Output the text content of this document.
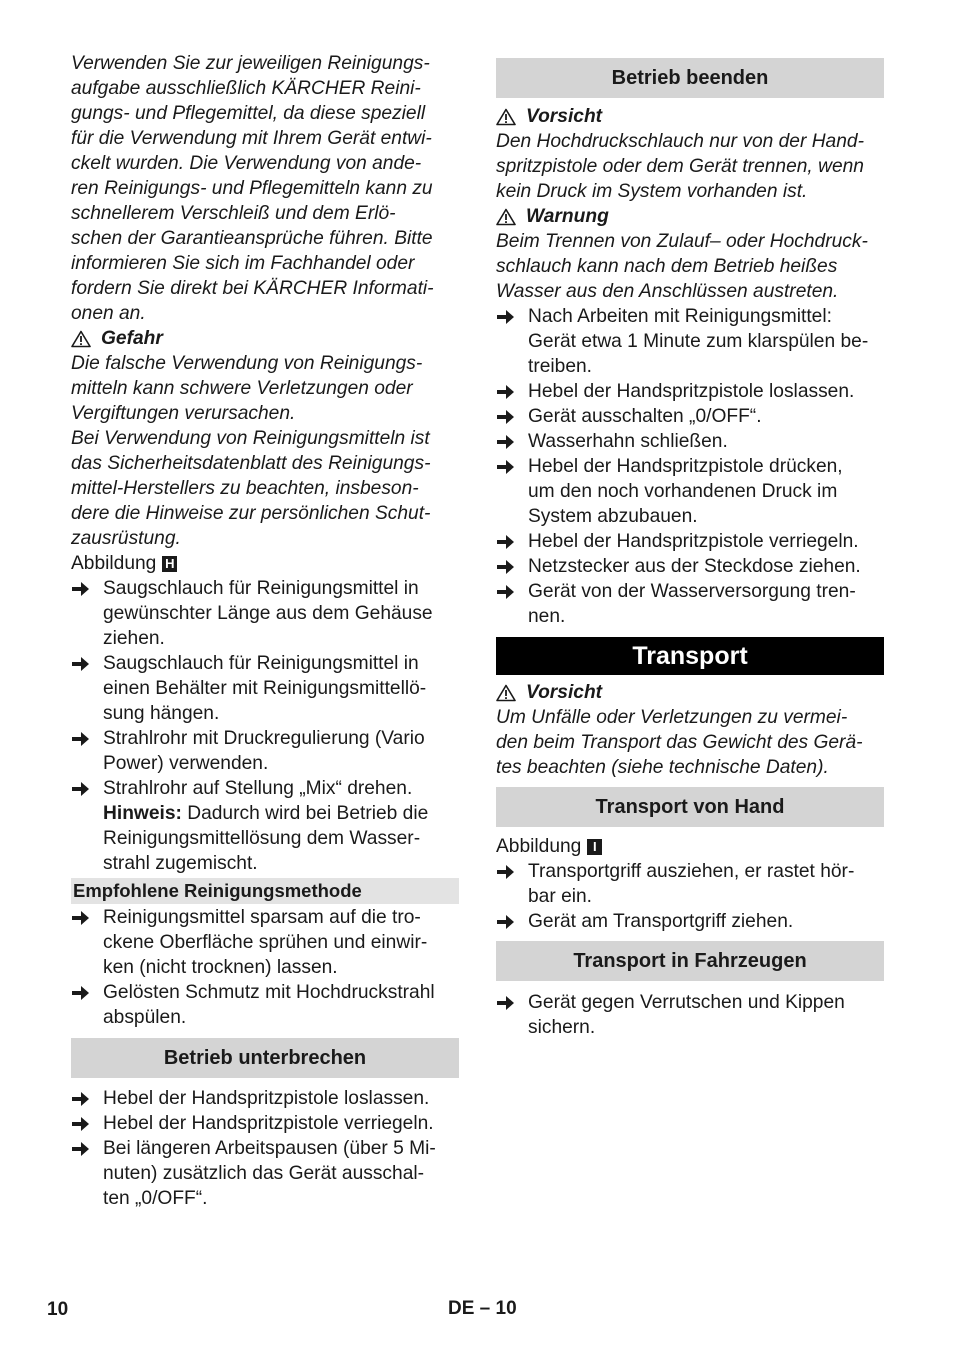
Verwenden Sie zur jeweiligen Reinigungs-
aufgabe ausschließlich KÄRCHER Reini-
gungs- und Pflegemittel, da diese speziell
für die Verwendung mit Ihrem Gerät entwi-
ckelt wurden. Die Verwendung von ande-
ren Reinigungs- und Pflegemitteln kann zu
schnellerem Verschleiß und dem Erlö-
schen der Garantieansprüche führen. Bitte
informieren Sie sich im Fachhandel oder
fordern Sie direkt bei KÄRCHER Informati-
onen an.

Gefahr

Die falsche Verwendung von Reinigungs-
mitteln kann schwere Verletzungen oder
Vergiftungen verursachen.

Bei Verwendung von Reinigungsmitteln ist
das Sicherheitsdatenblatt des Reinigungs-
mittel-Herstellers zu beachten, insbeson-
dere die Hinweise zur persönlichen Schut-
zausrüstung.

Abbildung H

Saugschlauch für Reinigungsmittel in
gewünschter Länge aus dem Gehäuse
ziehen.
Saugschlauch für Reinigungsmittel in
einen Behälter mit Reinigungsmittellö-
sung hängen.
Strahlrohr mit Druckregulierung (Vario
Power) verwenden.
Strahlrohr auf Stellung „Mix“ drehen.
Hinweis: Dadurch wird bei Betrieb die
Reinigungsmittellösung dem Wasser-
strahl zugemischt.
Empfohlene Reinigungsmethode
Reinigungsmittel sparsam auf die tro-
ckene Oberfläche sprühen und einwir-
ken (nicht trocknen) lassen.
Gelösten Schmutz mit Hochdruckstrahl
abspülen.
Betrieb unterbrechen
Hebel der Handspritzpistole loslassen.
Hebel der Handspritzpistole verriegeln.
Bei längeren Arbeitspausen (über 5 Mi-
nuten) zusätzlich das Gerät ausschal-
ten „0/OFF“.
Betrieb beenden

Vorsicht

Den Hochdruckschlauch nur von der Hand-
spritzpistole oder dem Gerät trennen, wenn
kein Druck im System vorhanden ist.

Warnung

Beim Trennen von Zulauf– oder Hochdruck-
schlauch kann nach dem Betrieb heißes
Wasser aus den Anschlüssen austreten.

Nach Arbeiten mit Reinigungsmittel:
Gerät etwa 1 Minute zum klarspülen be-
treiben.
Hebel der Handspritzpistole loslassen.
Gerät ausschalten „0/OFF“.
Wasserhahn schließen.
Hebel der Handspritzpistole drücken,
um den noch vorhandenen Druck im
System abzubauen.
Hebel der Handspritzpistole verriegeln.
Netzstecker aus der Steckdose ziehen.
Gerät von der Wasserversorgung tren-
nen.
Transport

Vorsicht

Um Unfälle oder Verletzungen zu vermei-
den beim Transport das Gewicht des Gerä-
tes beachten (siehe technische Daten).

Transport von Hand

Abbildung I

Transportgriff ausziehen, er rastet hör-
bar ein.
Gerät am Transportgriff ziehen.
Transport in Fahrzeugen
Gerät gegen Verrutschen und Kippen
sichern.
10	DE – 10
